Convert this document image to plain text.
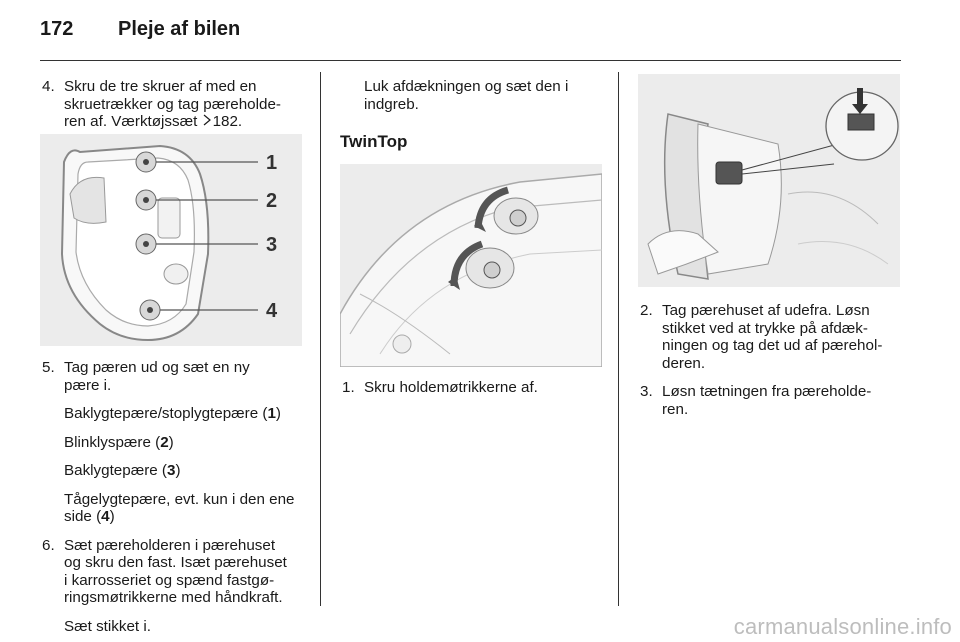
172 Pleje af bilen
4. Skru de tre skruer af med en
skruetrækker og tag pæreholde-
ren af. Værktøjssæt 182.
1
2
3
4
5. Tag pæren ud og sæt en ny
pære i.
Baklygtepære/stoplygtepære (1)
Blinklyspære (2)
Baklygtepære (3)
Tågelygtepære, evt. kun i den ene
side (4)
6. Sæt pæreholderen i pærehuset
og skru den fast. Isæt pærehuset
i karrosseriet og spænd fastgø-
ringsmøtrikkerne med håndkraft.
Sæt stikket i.
Luk afdækningen og sæt den i
indgreb.
TwinTop
1. Skru holdemøtrikkerne af.
2. Tag pærehuset af udefra. Løsn
stikket ved at trykke på afdæk-
ningen og tag det ud af pærehol-
deren.
3. Løsn tætningen fra pæreholde-
ren.
carmanualsonline.info
